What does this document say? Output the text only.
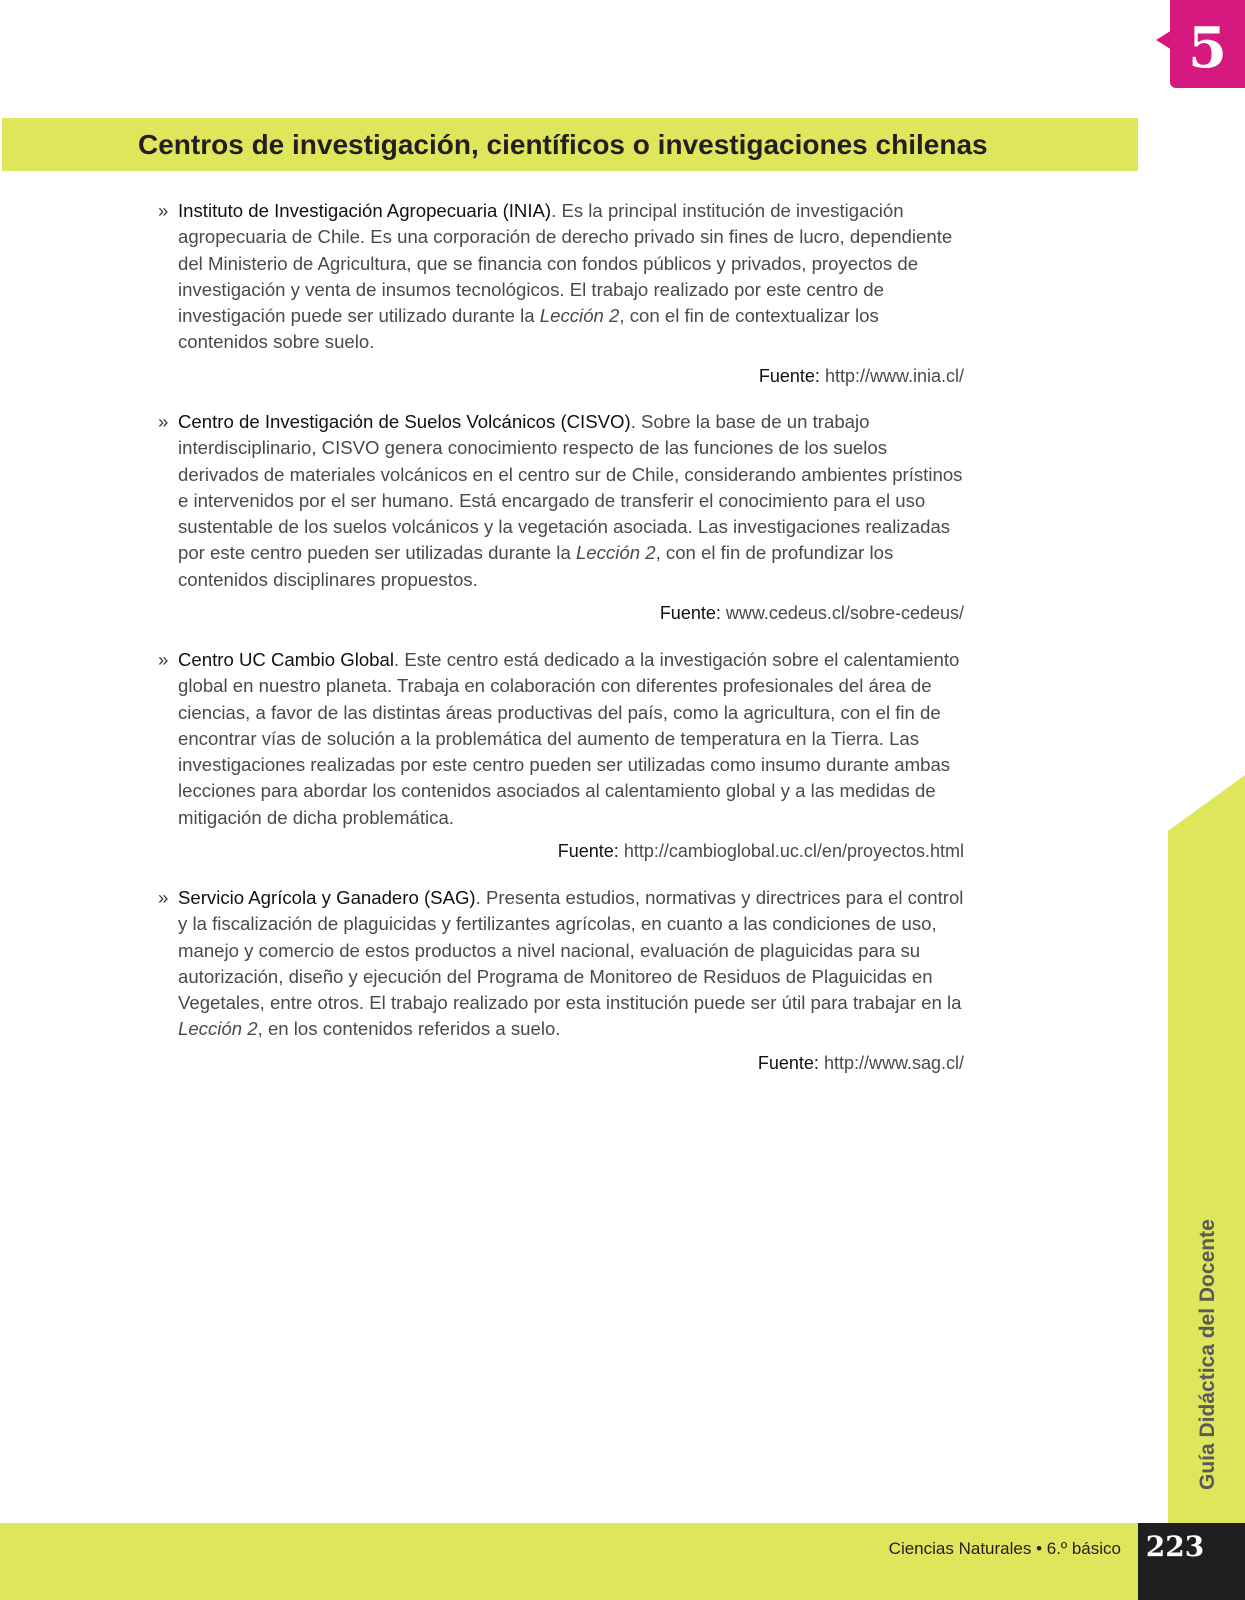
5
Centros de investigación, científicos o investigaciones chilenas

» Instituto de Investigación Agropecuaria (INIA). Es la principal institución de investigación agropecuaria de Chile. Es una corporación de derecho privado sin fines de lucro, dependiente del Ministerio de Agricultura, que se financia con fondos públicos y privados, proyectos de investigación y venta de insumos tecnológicos. El trabajo realizado por este centro de investigación puede ser utilizado durante la Lección 2, con el fin de contextualizar los contenidos sobre suelo.

Fuente: http://www.inia.cl/

» Centro de Investigación de Suelos Volcánicos (CISVO). Sobre la base de un trabajo interdisciplinario, CISVO genera conocimiento respecto de las funciones de los suelos derivados de materiales volcánicos en el centro sur de Chile, considerando ambientes prístinos e intervenidos por el ser humano. Está encargado de transferir el conocimiento para el uso sustentable de los suelos volcánicos y la vegetación asociada. Las investigaciones realizadas por este centro pueden ser utilizadas durante la Lección 2, con el fin de profundizar los contenidos disciplinares propuestos.

Fuente: www.cedeus.cl/sobre-cedeus/

» Centro UC Cambio Global. Este centro está dedicado a la investigación sobre el calentamiento global en nuestro planeta. Trabaja en colaboración con diferentes profesionales del área de ciencias, a favor de las distintas áreas productivas del país, como la agricultura, con el fin de encontrar vías de solución a la problemática del aumento de temperatura en la Tierra. Las investigaciones realizadas por este centro pueden ser utilizadas como insumo durante ambas lecciones para abordar los contenidos asociados al calentamiento global y a las medidas de mitigación de dicha problemática.

Fuente: http://cambioglobal.uc.cl/en/proyectos.html

» Servicio Agrícola y Ganadero (SAG). Presenta estudios, normativas y directrices para el control y la fiscalización de plaguicidas y fertilizantes agrícolas, en cuanto a las condiciones de uso, manejo y comercio de estos productos a nivel nacional, evaluación de plaguicidas para su autorización, diseño y ejecución del Programa de Monitoreo de Residuos de Plaguicidas en Vegetales, entre otros. El trabajo realizado por esta institución puede ser útil para trabajar en la Lección 2, en los contenidos referidos a suelo.

Fuente: http://www.sag.cl/

Guía Didáctica del Docente
Ciencias Naturales • 6.º básico 223
